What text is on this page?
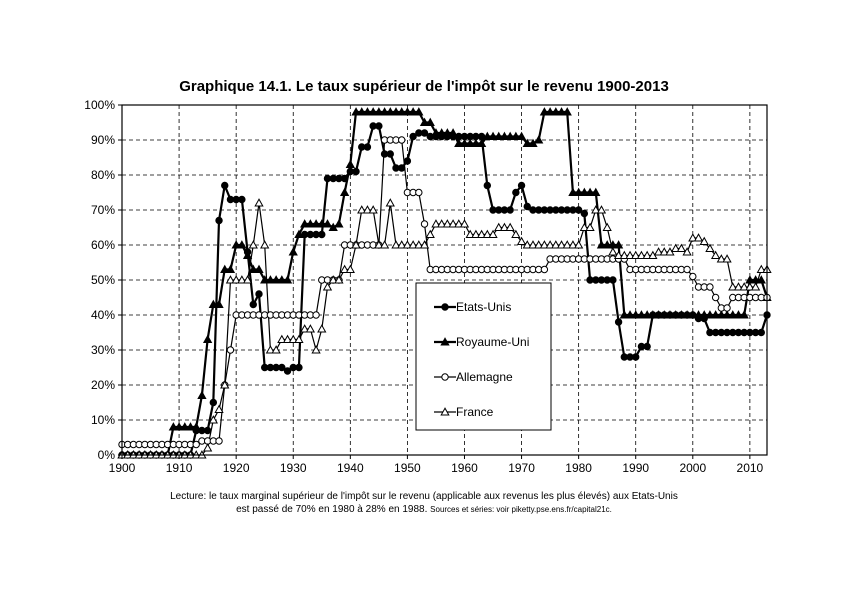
Graphique 14.1. Le taux supérieur de l'impôt sur le revenu 1900-2013
0%
10%
20%
30%
40%
50%
60%
70%
80%
90%
100%
1900	1910	1920	1930	1940	1950	1960	1970	1980	1990	2000	2010
Etats-Unis
Royaume-Uni
Allemagne
France
Lecture: le taux marginal supérieur de l'impôt sur le revenu (applicable aux revenus les plus élevés) aux Etats-Unis
est passé de 70% en 1980 à 28% en 1988. Sources et séries: voir piketty.pse.ens.fr/capital21c.
